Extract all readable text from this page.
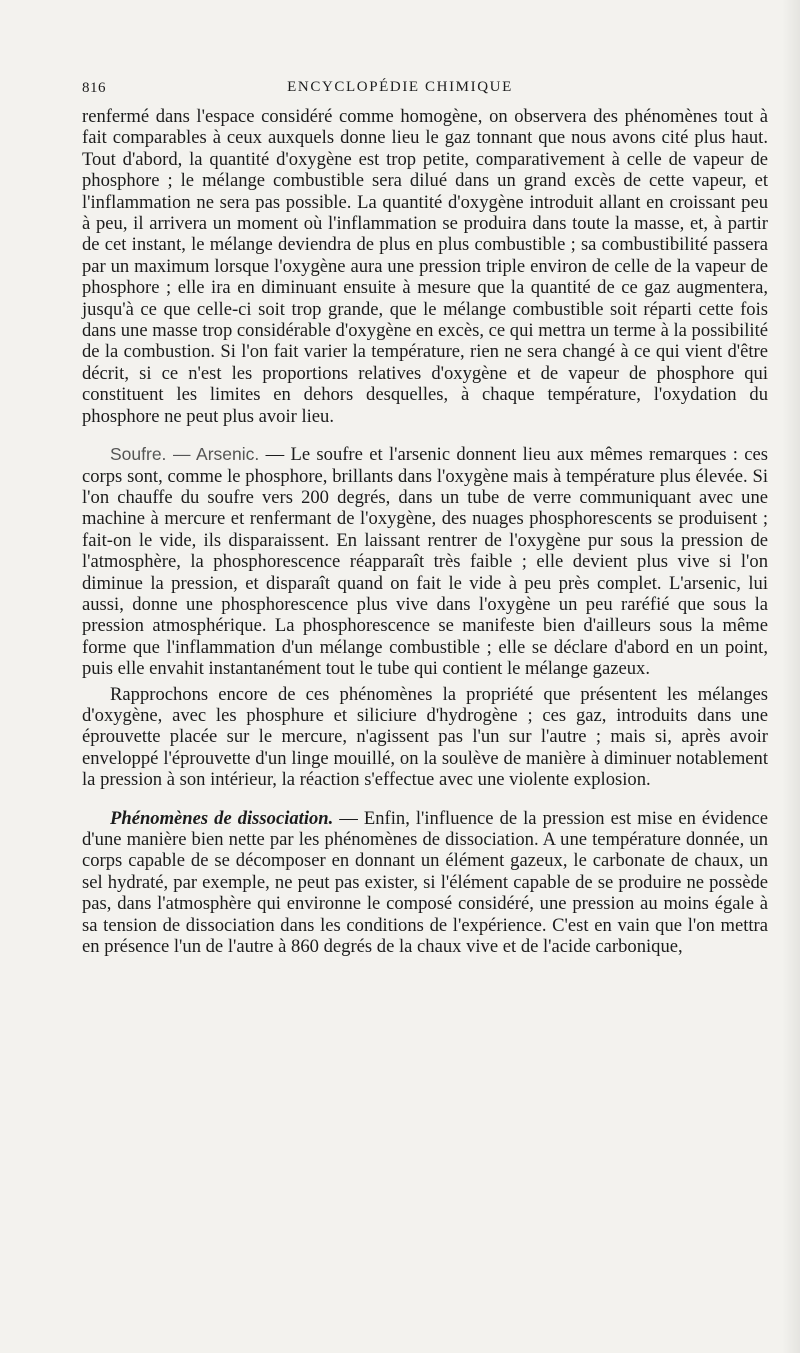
816	ENCYCLOPÉDIE CHIMIQUE

renfermé dans l'espace considéré comme homogène, on observera des phénomènes tout à fait comparables à ceux auxquels donne lieu le gaz tonnant que nous avons cité plus haut. Tout d'abord, la quantité d'oxygène est trop petite, comparativement à celle de vapeur de phosphore ; le mélange combustible sera dilué dans un grand excès de cette vapeur, et l'inflammation ne sera pas possible. La quantité d'oxygène introduit allant en croissant peu à peu, il arrivera un moment où l'inflammation se produira dans toute la masse, et, à partir de cet instant, le mélange deviendra de plus en plus combustible ; sa combustibilité passera par un maximum lorsque l'oxygène aura une pression triple environ de celle de la vapeur de phosphore ; elle ira en diminuant ensuite à mesure que la quantité de ce gaz augmentera, jusqu'à ce que celle-ci soit trop grande, que le mélange combustible soit réparti cette fois dans une masse trop considérable d'oxygène en excès, ce qui mettra un terme à la possibilité de la combustion. Si l'on fait varier la température, rien ne sera changé à ce qui vient d'être décrit, si ce n'est les proportions relatives d'oxygène et de vapeur de phosphore qui constituent les limites en dehors desquelles, à chaque température, l'oxydation du phosphore ne peut plus avoir lieu.

Soufre. — Arsenic. — Le soufre et l'arsenic donnent lieu aux mêmes remarques : ces corps sont, comme le phosphore, brillants dans l'oxygène mais à température plus élevée. Si l'on chauffe du soufre vers 200 degrés, dans un tube de verre communiquant avec une machine à mercure et renfermant de l'oxygène, des nuages phosphorescents se produisent ; fait-on le vide, ils disparaissent. En laissant rentrer de l'oxygène pur sous la pression de l'atmosphère, la phosphorescence réapparaît très faible ; elle devient plus vive si l'on diminue la pression, et disparaît quand on fait le vide à peu près complet. L'arsenic, lui aussi, donne une phosphorescence plus vive dans l'oxygène un peu raréfié que sous la pression atmosphérique. La phosphorescence se manifeste bien d'ailleurs sous la même forme que l'inflammation d'un mélange combustible ; elle se déclare d'abord en un point, puis elle envahit instantanément tout le tube qui contient le mélange gazeux.

Rapprochons encore de ces phénomènes la propriété que présentent les mélanges d'oxygène, avec les phosphure et siliciure d'hydrogène ; ces gaz, introduits dans une éprouvette placée sur le mercure, n'agissent pas l'un sur l'autre ; mais si, après avoir enveloppé l'éprouvette d'un linge mouillé, on la soulève de manière à diminuer notablement la pression à son intérieur, la réaction s'effectue avec une violente explosion.

Phénomènes de dissociation. — Enfin, l'influence de la pression est mise en évidence d'une manière bien nette par les phénomènes de dissociation. A une température donnée, un corps capable de se décomposer en donnant un élément gazeux, le carbonate de chaux, un sel hydraté, par exemple, ne peut pas exister, si l'élément capable de se produire ne possède pas, dans l'atmosphère qui environne le composé considéré, une pression au moins égale à sa tension de dissociation dans les conditions de l'expérience. C'est en vain que l'on mettra en présence l'un de l'autre à 860 degrés de la chaux vive et de l'acide carbonique,
